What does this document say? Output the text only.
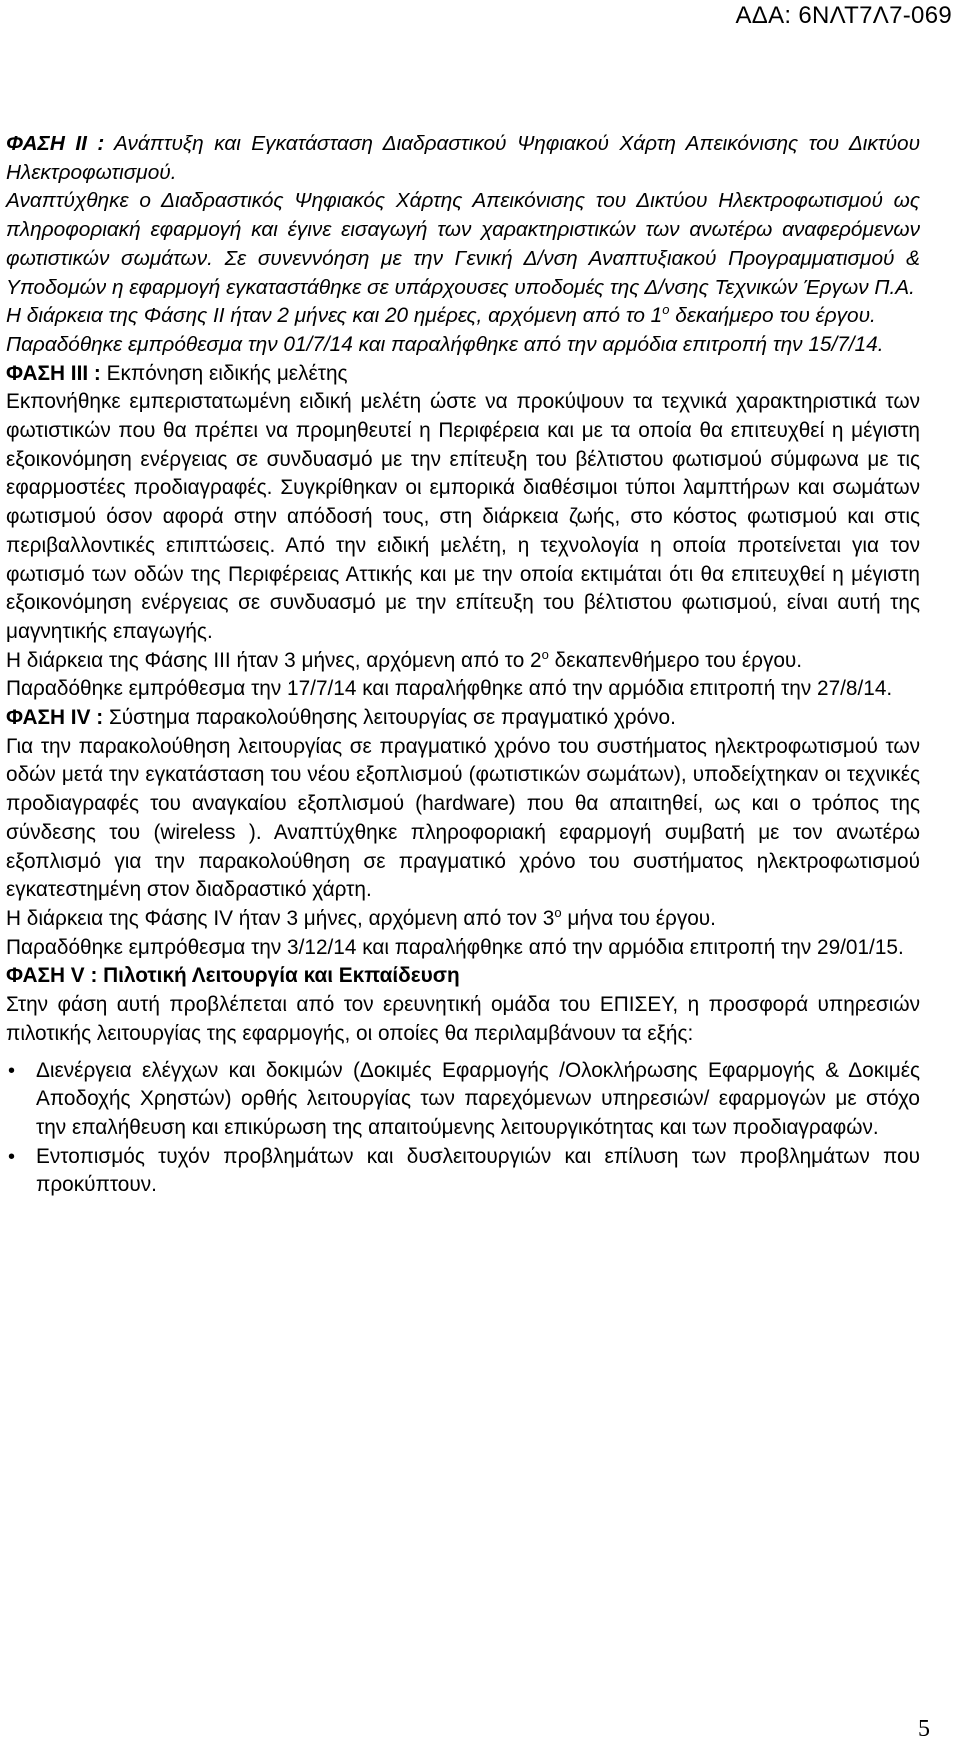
ΑΔΑ: 6ΝΛΤ7Λ7-069

ΦΑΣΗ ΙΙ : Ανάπτυξη και Εγκατάσταση Διαδραστικού Ψηφιακού Χάρτη Απεικόνισης του Δικτύου Ηλεκτροφωτισμού.

Αναπτύχθηκε ο Διαδραστικός Ψηφιακός Χάρτης Απεικόνισης του Δικτύου Ηλεκτροφωτισμού ως πληροφοριακή εφαρμογή και έγινε εισαγωγή των χαρακτηριστικών των ανωτέρω αναφερόμενων φωτιστικών σωμάτων. Σε συνεννόηση με την Γενική Δ/νση Αναπτυξιακού Προγραμματισμού & Υποδομών η εφαρμογή εγκαταστάθηκε σε υπάρχουσες υποδομές της Δ/νσης Τεχνικών Έργων Π.Α.

Η διάρκεια της Φάσης ΙΙ ήταν 2 μήνες και 20 ημέρες, αρχόμενη από το $1^o$ δεκαήμερο του έργου.

Παραδόθηκε εμπρόθεσμα την 01/7/14 και παραλήφθηκε από την αρμόδια επιτροπή την 15/7/14.

ΦΑΣΗ ΙΙΙ : Εκπόνηση ειδικής μελέτης

Εκπονήθηκε εμπεριστατωμένη ειδική μελέτη ώστε να προκύψουν τα τεχνικά χαρακτηριστικά των φωτιστικών που θα πρέπει να προμηθευτεί η Περιφέρεια και με τα οποία θα επιτευχθεί η μέγιστη εξοικονόμηση ενέργειας σε συνδυασμό με την επίτευξη του βέλτιστου φωτισμού σύμφωνα με τις εφαρμοστέες προδιαγραφές. Συγκρίθηκαν οι εμπορικά διαθέσιμοι τύποι λαμπτήρων και σωμάτων φωτισμού όσον αφορά στην απόδοσή τους, στη διάρκεια ζωής, στο κόστος φωτισμού και στις περιβαλλοντικές επιπτώσεις. Από την ειδική μελέτη, η τεχνολογία η οποία προτείνεται για τον φωτισμό των οδών της Περιφέρειας Αττικής και με την οποία εκτιμάται ότι θα επιτευχθεί η μέγιστη εξοικονόμηση ενέργειας σε συνδυασμό με την επίτευξη του βέλτιστου φωτισμού, είναι αυτή της μαγνητικής επαγωγής.

Η διάρκεια της Φάσης ΙΙΙ ήταν 3 μήνες, αρχόμενη από το $2^o$ δεκαπενθήμερο του έργου.

Παραδόθηκε εμπρόθεσμα την 17/7/14 και παραλήφθηκε από την αρμόδια επιτροπή την 27/8/14.

ΦΑΣΗ ΙV : Σύστημα παρακολούθησης λειτουργίας σε πραγματικό χρόνο.

Για την παρακολούθηση λειτουργίας σε πραγματικό χρόνο του συστήματος ηλεκτροφωτισμού των οδών μετά την εγκατάσταση του νέου εξοπλισμού (φωτιστικών σωμάτων), υποδείχτηκαν οι τεχνικές προδιαγραφές του αναγκαίου εξοπλισμού (hardware) που θα απαιτηθεί, ως και ο τρόπος της σύνδεσης του (wireless ). Αναπτύχθηκε πληροφοριακή εφαρμογή συμβατή με τον ανωτέρω εξοπλισμό για την παρακολούθηση σε πραγματικό χρόνο του συστήματος ηλεκτροφωτισμού εγκατεστημένη στον διαδραστικό χάρτη.

Η διάρκεια της Φάσης ΙV ήταν 3 μήνες, αρχόμενη από τον $3^o$ μήνα του έργου.

Παραδόθηκε εμπρόθεσμα την 3/12/14 και παραλήφθηκε από την αρμόδια επιτροπή την 29/01/15.

ΦΑΣΗ V : Πιλοτική Λειτουργία και Εκπαίδευση

Στην φάση αυτή προβλέπεται από τον ερευνητική ομάδα του ΕΠΙΣΕΥ, η προσφορά υπηρεσιών πιλοτικής λειτουργίας της εφαρμογής, οι οποίες θα περιλαμβάνουν τα εξής:

• Διενέργεια ελέγχων και δοκιμών (Δοκιμές Εφαρμογής /Ολοκλήρωσης Εφαρμογής & Δοκιμές Αποδοχής Χρηστών) ορθής λειτουργίας των παρεχόμενων υπηρεσιών/ εφαρμογών με στόχο την επαλήθευση και επικύρωση της απαιτούμενης λειτουργικότητας και των προδιαγραφών.
• Εντοπισμός τυχόν προβλημάτων και δυσλειτουργιών και επίλυση των προβλημάτων που προκύπτουν.
5
